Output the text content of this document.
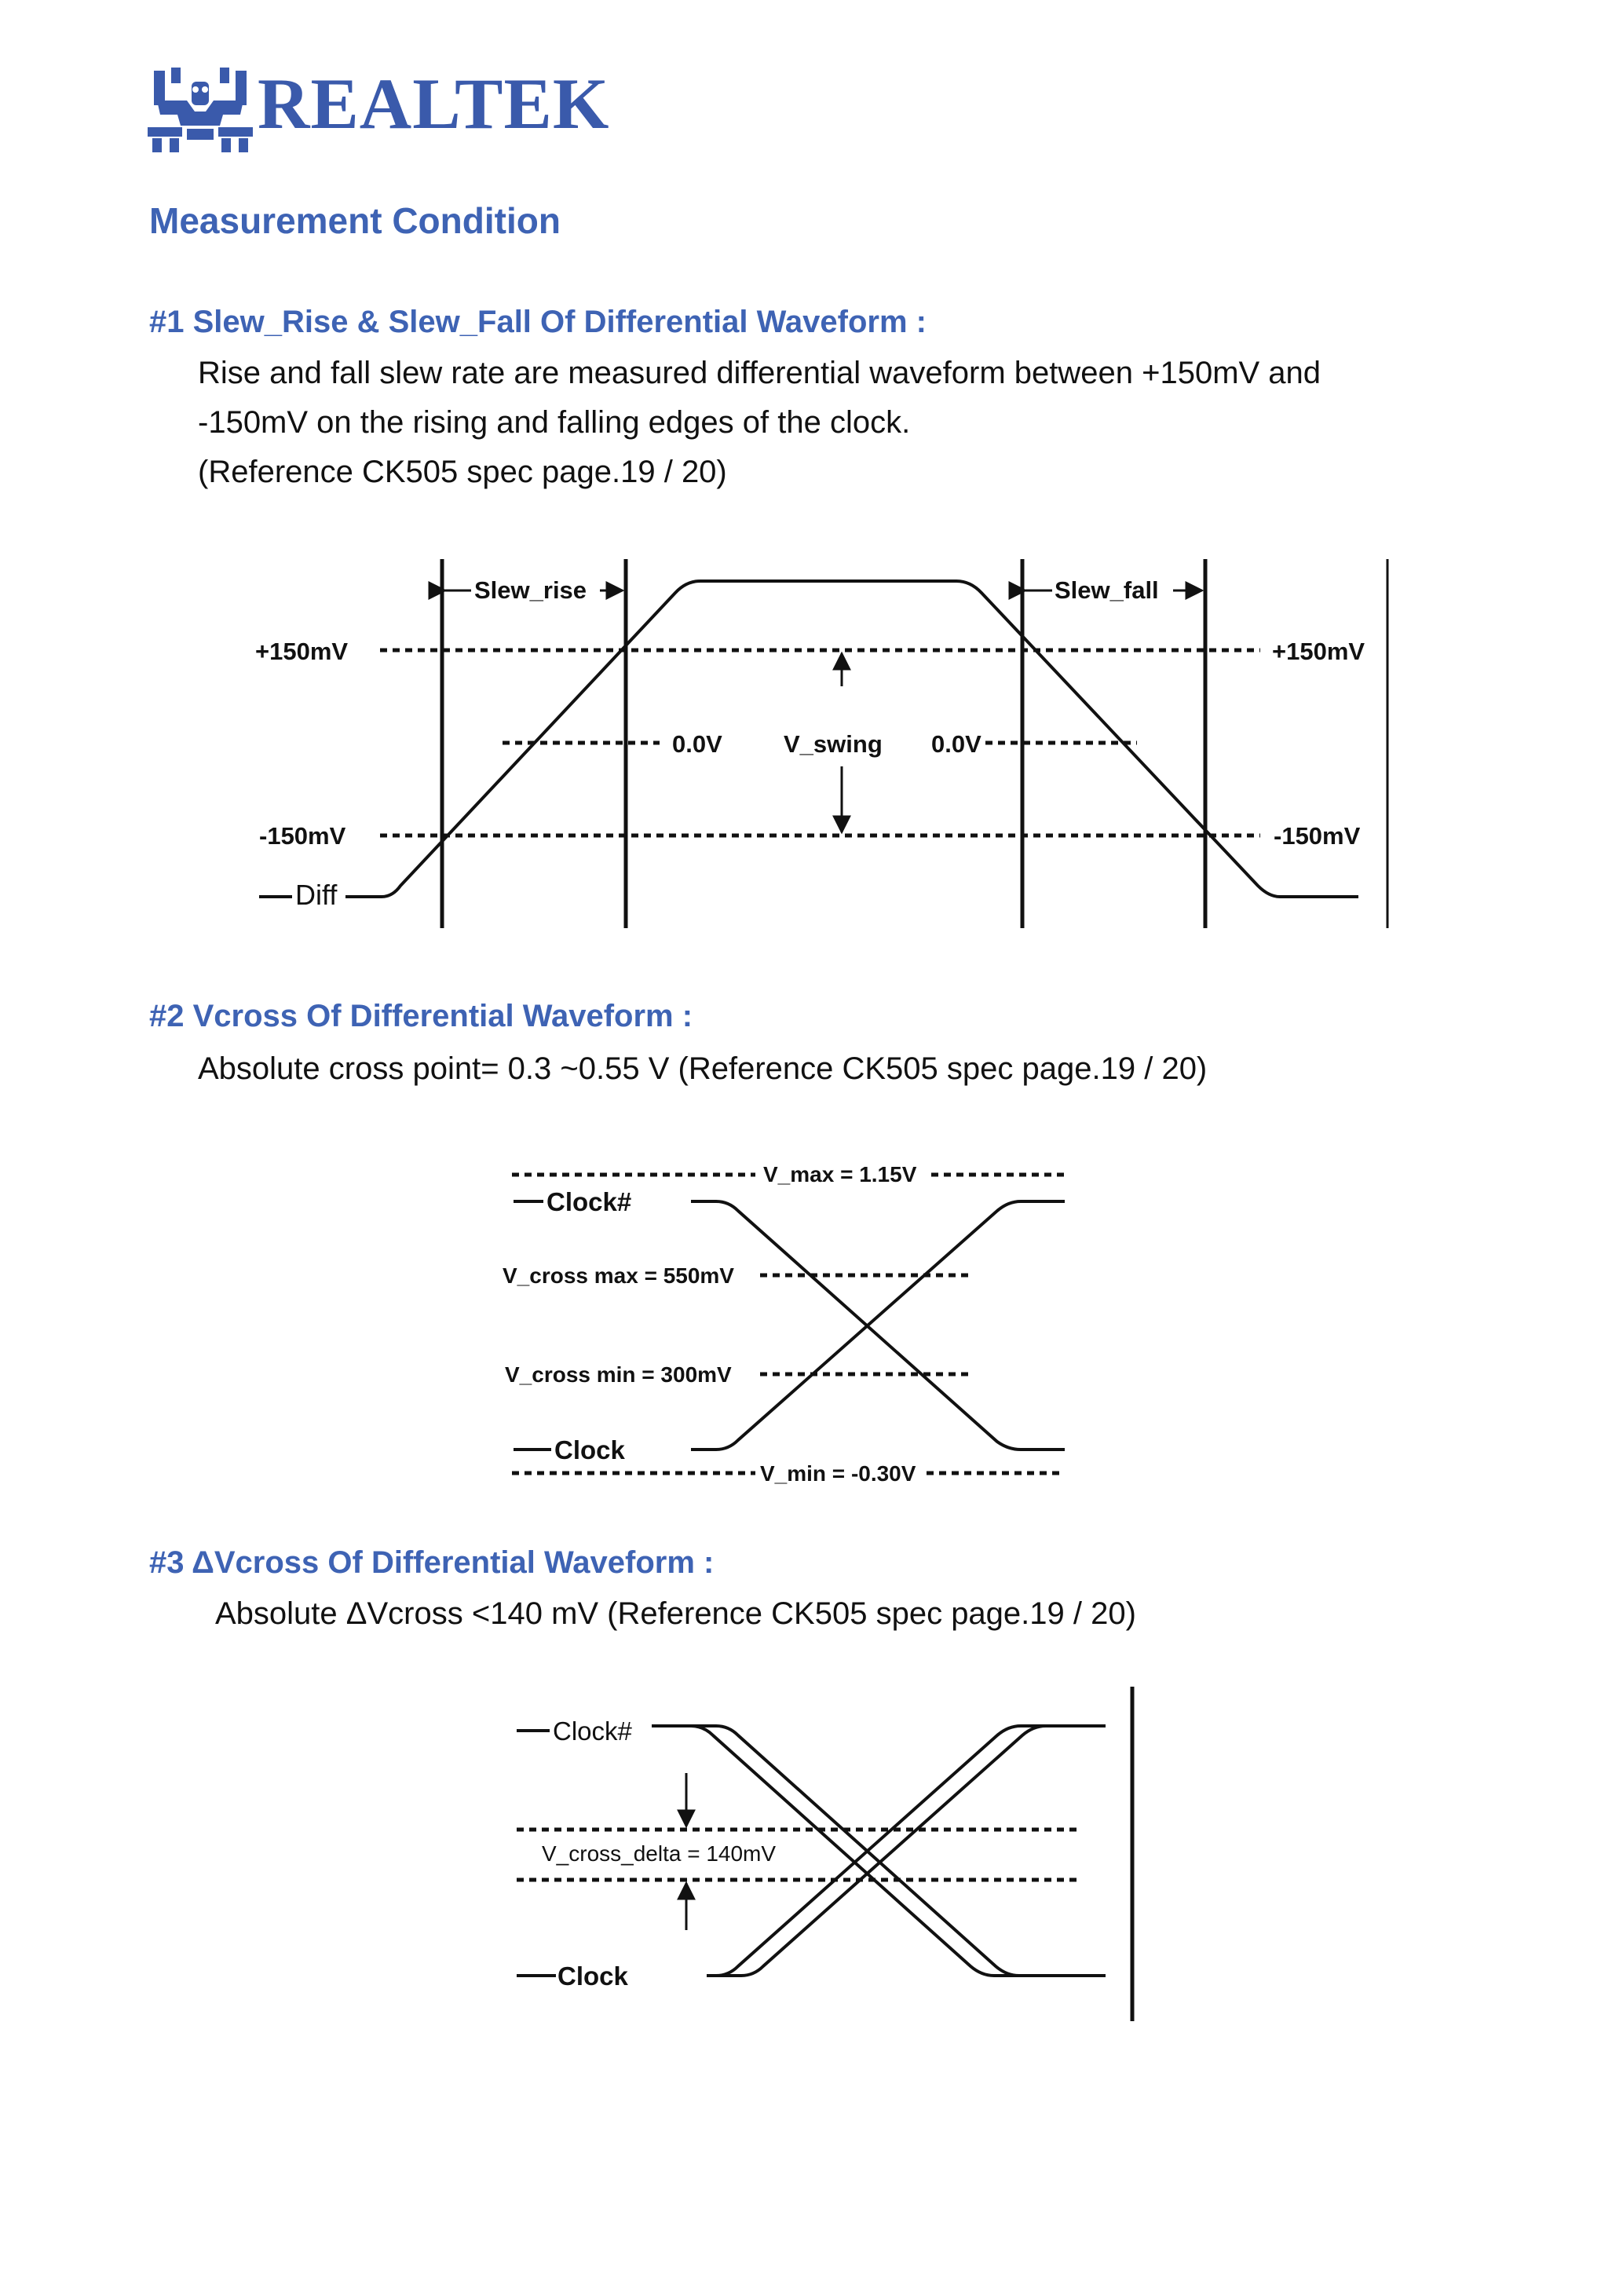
REALTEK
Measurement Condition
#1 Slew_Rise & Slew_Fall Of Differential Waveform :
Rise and fall slew rate are measured differential waveform between +150mV and
-150mV on the rising and falling edges of the clock.
(Reference CK505 spec page.19 / 20)
#2 Vcross Of Differential Waveform :
Absolute cross point= 0.3 ~0.55 V (Reference CK505 spec page.19 / 20)
#3 ΔVcross Of Differential Waveform :
Absolute ΔVcross <140 mV (Reference CK505 spec page.19 / 20)
Slew_rise	Slew_fall
+150mV	+150mV
-150mV	-150mV
0.0V	0.0V
V_swing
Diff
V_max = 1.15V
Clock#
V_cross max = 550mV
V_cross min = 300mV
Clock
V_min = -0.30V
Clock#
V_cross_delta = 140mV
Clock
